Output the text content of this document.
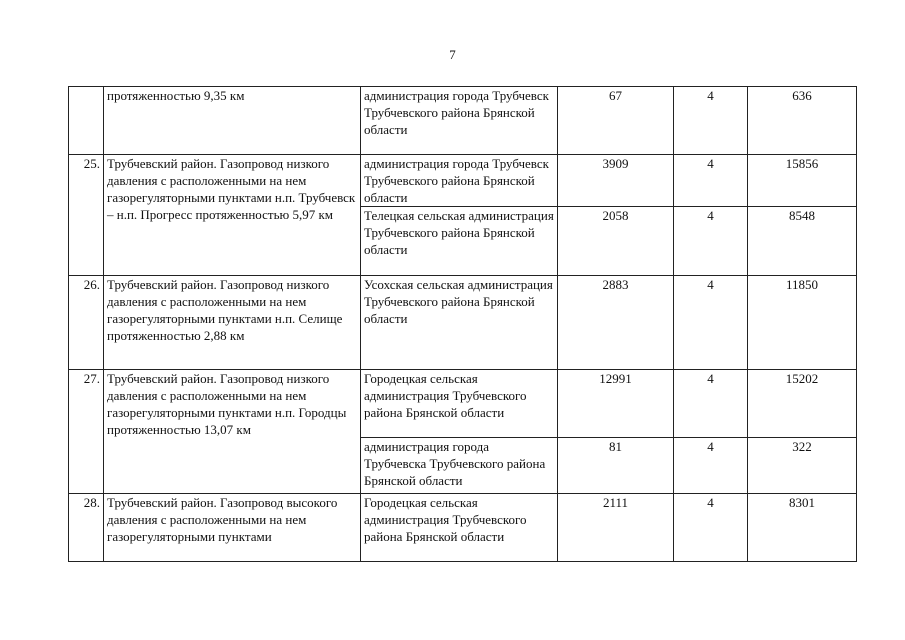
7
	протяженностью 9,35 км	администрация города Трубчевск Трубчевского района Брянской области	67	4	636
25.	Трубчевский район. Газопровод низкого давления с расположенными на нем газорегуляторными пунктами н.п. Трубчевск – н.п. Прогресс протяженностью 5,97 км	администрация города Трубчевск Трубчевского района Брянской области	3909	4	15856
		Телецкая сельская администрация Трубчевского района Брянской области	2058	4	8548
26.	Трубчевский район. Газопровод низкого давления с расположенными на нем газорегуляторными пунктами н.п. Селище протяженностью 2,88 км	Усохская сельская администрация Трубчевского района Брянской области	2883	4	11850
27.	Трубчевский район. Газопровод низкого давления с расположенными на нем газорегуляторными пунктами н.п. Городцы протяженностью 13,07 км	Городецкая сельская администрация Трубчевского района Брянской области	12991	4	15202
		администрация города Трубчевска Трубчевского района Брянской области	81	4	322
28.	Трубчевский район. Газопровод высокого давления с расположенными на нем газорегуляторными пунктами	Городецкая сельская администрация Трубчевского района Брянской области	2111	4	8301
